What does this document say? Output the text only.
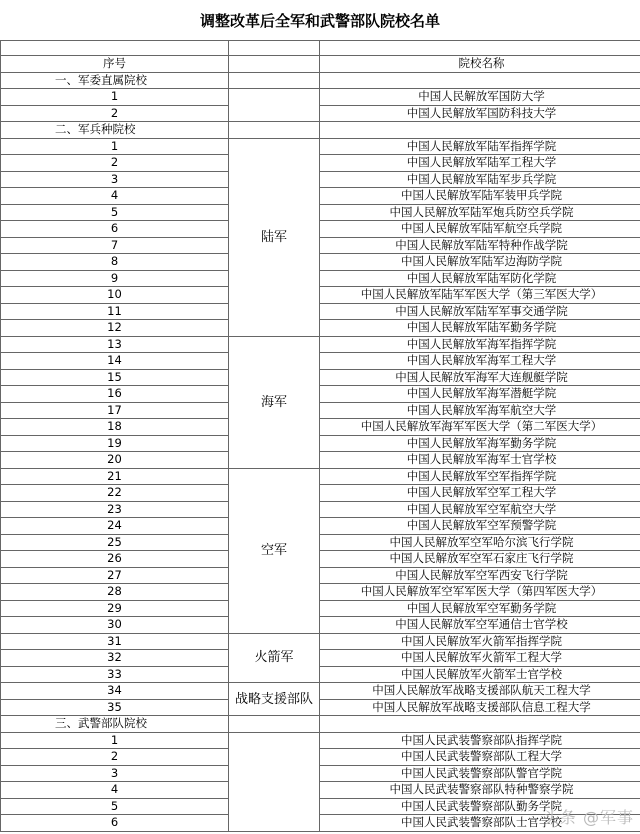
调整改革后全军和武警部队院校名单

序号		院校名称
一、军委直属院校		
1		中国人民解放军国防大学
2		中国人民解放军国防科技大学
二、军兵种院校		
1	陆军	中国人民解放军陆军指挥学院
2		中国人民解放军陆军工程大学
3		中国人民解放军陆军步兵学院
4		中国人民解放军陆军装甲兵学院
5		中国人民解放军陆军炮兵防空兵学院
6		中国人民解放军陆军航空兵学院
7		中国人民解放军陆军特种作战学院
8		中国人民解放军陆军边海防学院
9		中国人民解放军陆军防化学院
10		中国人民解放军陆军军医大学（第三军医大学）
11		中国人民解放军陆军军事交通学院
12		中国人民解放军陆军勤务学院
13	海军	中国人民解放军海军指挥学院
14		中国人民解放军海军工程大学
15		中国人民解放军海军大连舰艇学院
16		中国人民解放军海军潜艇学院
17		中国人民解放军海军航空大学
18		中国人民解放军海军军医大学（第二军医大学）
19		中国人民解放军海军勤务学院
20		中国人民解放军海军士官学校
21	空军	中国人民解放军空军指挥学院
22		中国人民解放军空军工程大学
23		中国人民解放军空军航空大学
24		中国人民解放军空军预警学院
25		中国人民解放军空军哈尔滨飞行学院
26		中国人民解放军空军石家庄飞行学院
27		中国人民解放军空军西安飞行学院
28		中国人民解放军空军军医大学（第四军医大学）
29		中国人民解放军空军勤务学院
30		中国人民解放军空军通信士官学校
31	火箭军	中国人民解放军火箭军指挥学院
32		中国人民解放军火箭军工程大学
33		中国人民解放军火箭军士官学校
34	战略支援部队	中国人民解放军战略支援部队航天工程大学
35		中国人民解放军战略支援部队信息工程大学
三、武警部队院校		
1		中国人民武装警察部队指挥学院
2		中国人民武装警察部队工程大学
3		中国人民武装警察部队警官学院
4		中国人民武装警察部队特种警察学院
5		中国人民武装警察部队勤务学院
6		中国人民武装警察部队士官学校
头条 @军事
